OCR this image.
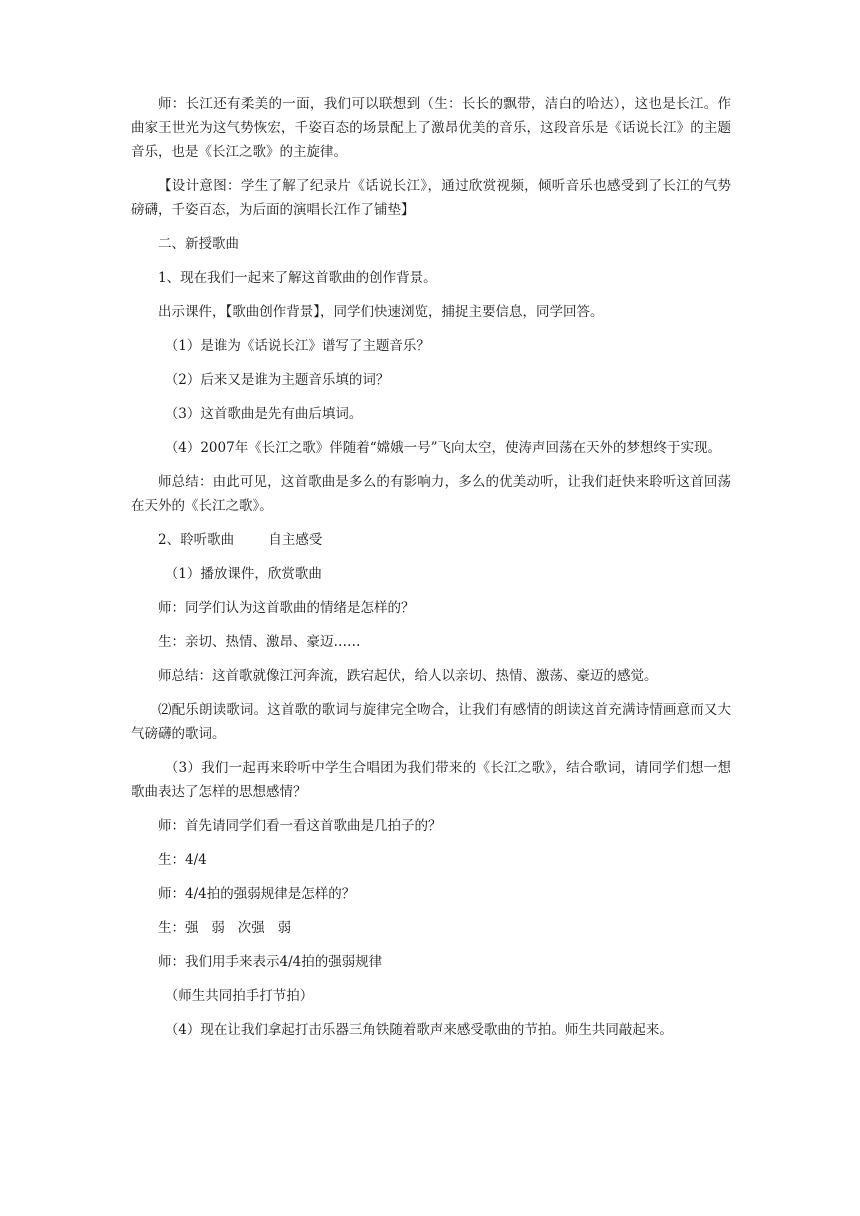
师：长江还有柔美的一面，我们可以联想到（生：长长的飘带，洁白的哈达），这也是长江。作曲家王世光为这气势恢宏，千姿百态的场景配上了激昂优美的音乐，这段音乐是《话说长江》的主题音乐，也是《长江之歌》的主旋律。

【设计意图：学生了解了纪录片《话说长江》，通过欣赏视频，倾听音乐也感受到了长江的气势磅礴，千姿百态，为后面的演唱长江作了铺垫】

二、新授歌曲

1、现在我们一起来了解这首歌曲的创作背景。

出示课件，【歌曲创作背景】，同学们快速浏览，捕捉主要信息，同学回答。

（1）是谁为《话说长江》谱写了主题音乐？

（2）后来又是谁为主题音乐填的词？

（3）这首歌曲是先有曲后填词。

（4）2007年《长江之歌》伴随着“嫦娥一号”飞向太空，使涛声回荡在天外的梦想终于实现。

师总结：由此可见，这首歌曲是多么的有影响力，多么的优美动听，让我们赶快来聆听这首回荡在天外的《长江之歌》。

2、聆听歌曲        自主感受

（1）播放课件，欣赏歌曲

师：同学们认为这首歌曲的情绪是怎样的？

生：亲切、热情、激昂、豪迈……

师总结：这首歌就像江河奔流，跌宕起伏，给人以亲切、热情、激荡、豪迈的感觉。

⑵配乐朗读歌词。这首歌的歌词与旋律完全吻合，让我们有感情的朗读这首充满诗情画意而又大气磅礴的歌词。

（3）我们一起再来聆听中学生合唱团为我们带来的《长江之歌》，结合歌词，请同学们想一想歌曲表达了怎样的思想感情？

师：首先请同学们看一看这首歌曲是几拍子的？

生：4/4

师：4/4拍的强弱规律是怎样的？

生：强   弱   次强   弱

师：我们用手来表示4/4拍的强弱规律

（师生共同拍手打节拍）

（4）现在让我们拿起打击乐器三角铁随着歌声来感受歌曲的节拍。师生共同敲起来。
